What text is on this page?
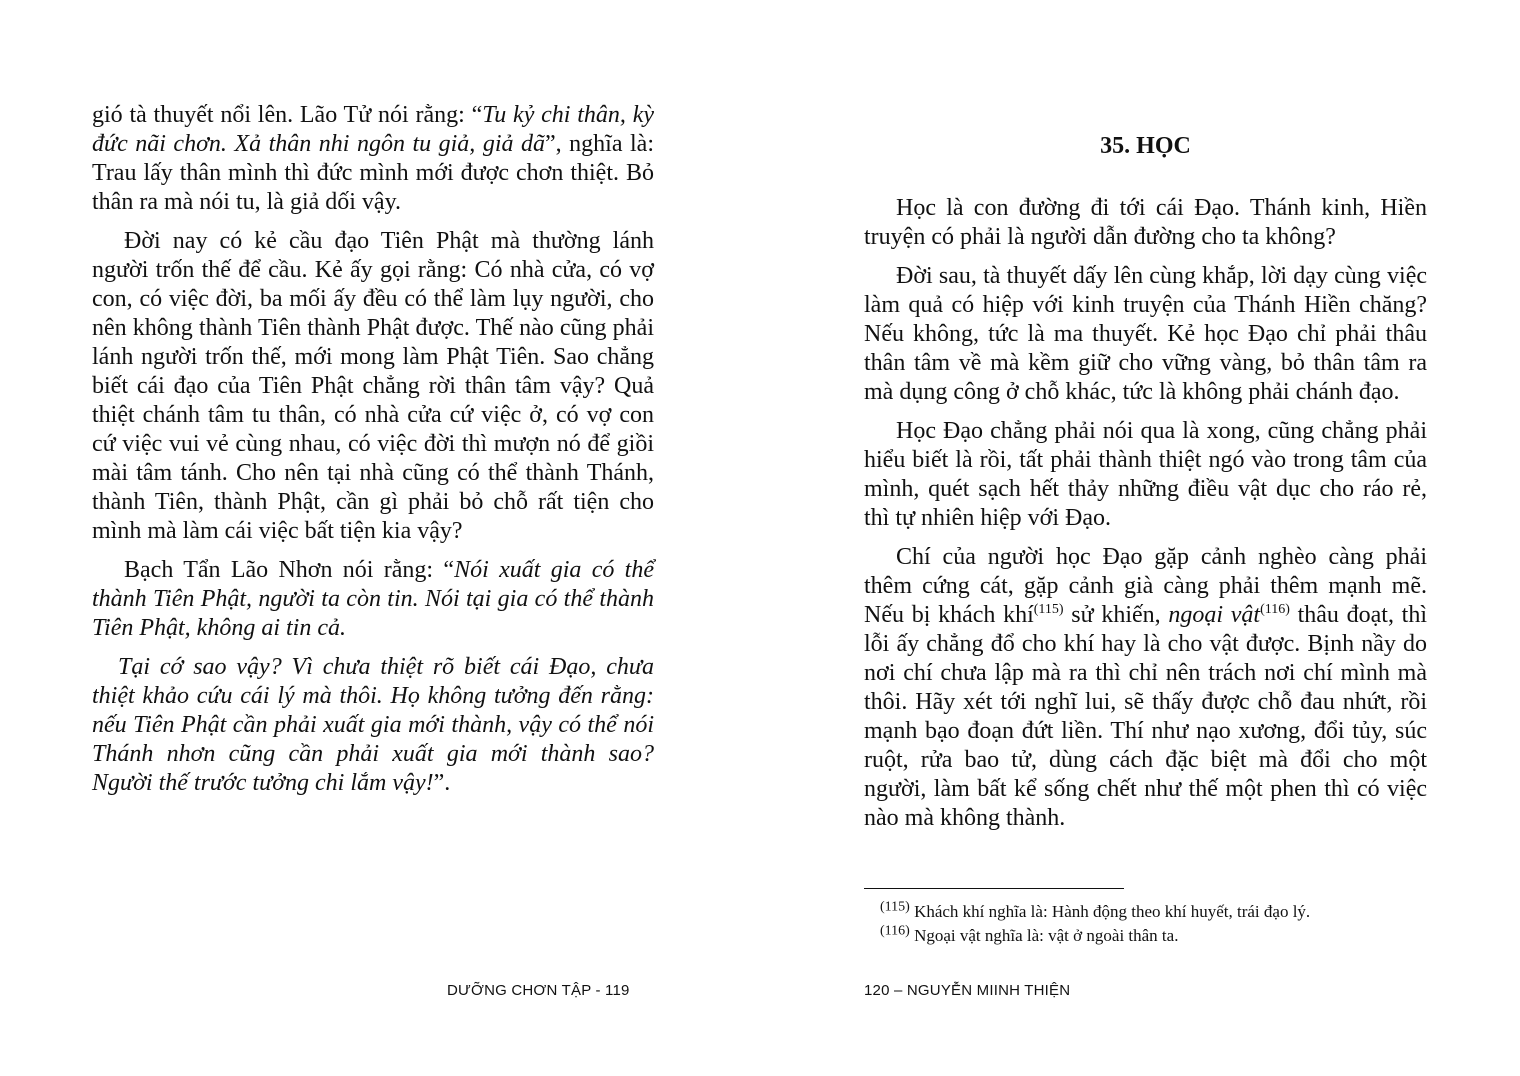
gió tà thuyết nổi lên. Lão Tử nói rằng: “Tu kỷ chi thân, kỳ đức nãi chơn. Xả thân nhi ngôn tu giả, giả dã”, nghĩa là: Trau lấy thân mình thì đức mình mới được chơn thiệt. Bỏ thân ra mà nói tu, là giả dối vậy.

Đời nay có kẻ cầu đạo Tiên Phật mà thường lánh người trốn thế để cầu. Kẻ ấy gọi rằng: Có nhà cửa, có vợ con, có việc đời, ba mối ấy đều có thể làm lụy người, cho nên không thành Tiên thành Phật được. Thế nào cũng phải lánh người trốn thế, mới mong làm Phật Tiên. Sao chẳng biết cái đạo của Tiên Phật chẳng rời thân tâm vậy? Quả thiệt chánh tâm tu thân, có nhà cửa cứ việc ở, có vợ con cứ việc vui vẻ cùng nhau, có việc đời thì mượn nó để giồi mài tâm tánh. Cho nên tại nhà cũng có thể thành Thánh, thành Tiên, thành Phật, cần gì phải bỏ chỗ rất tiện cho mình mà làm cái việc bất tiện kia vậy?

Bạch Tẩn Lão Nhơn nói rằng: “Nói xuất gia có thể thành Tiên Phật, người ta còn tin. Nói tại gia có thể thành Tiên Phật, không ai tin cả.

Tại cớ sao vậy? Vì chưa thiệt rõ biết cái Đạo, chưa thiệt khảo cứu cái lý mà thôi. Họ không tưởng đến rằng: nếu Tiên Phật cần phải xuất gia mới thành, vậy có thể nói Thánh nhơn cũng cần phải xuất gia mới thành sao? Người thế trước tưởng chi lắm vậy!”.

DƯỠNG CHƠN TẬP - 119
35. HỌC

Học là con đường đi tới cái Đạo. Thánh kinh, Hiền truyện có phải là người dẫn đường cho ta không?

Đời sau, tà thuyết dấy lên cùng khắp, lời dạy cùng việc làm quả có hiệp với kinh truyện của Thánh Hiền chăng? Nếu không, tức là ma thuyết. Kẻ học Đạo chỉ phải thâu thân tâm về mà kềm giữ cho vững vàng, bỏ thân tâm ra mà dụng công ở chỗ khác, tức là không phải chánh đạo.

Học Đạo chẳng phải nói qua là xong, cũng chẳng phải hiểu biết là rồi, tất phải thành thiệt ngó vào trong tâm của mình, quét sạch hết thảy những điều vật dục cho ráo rẻ, thì tự nhiên hiệp với Đạo.

Chí của người học Đạo gặp cảnh nghèo càng phải thêm cứng cát, gặp cảnh già càng phải thêm mạnh mẽ. Nếu bị khách khí$^{(115)}$ sử khiến, ngoại vật$^{(116)}$ thâu đoạt, thì lỗi ấy chẳng đổ cho khí hay là cho vật được. Bịnh nầy do nơi chí chưa lập mà ra thì chỉ nên trách nơi chí mình mà thôi. Hãy xét tới nghĩ lui, sẽ thấy được chỗ đau nhứt, rồi mạnh bạo đoạn đứt liền. Thí như nạo xương, đổi tủy, súc ruột, rửa bao tử, dùng cách đặc biệt mà đổi cho một người, làm bất kể sống chết như thế một phen thì có việc nào mà không thành.

$^{(115)}$ Khách khí nghĩa là: Hành động theo khí huyết, trái đạo lý.
$^{(116)}$ Ngoại vật nghĩa là: vật ở ngoài thân ta.
120 – NGUYỄN MIINH THIỆN
